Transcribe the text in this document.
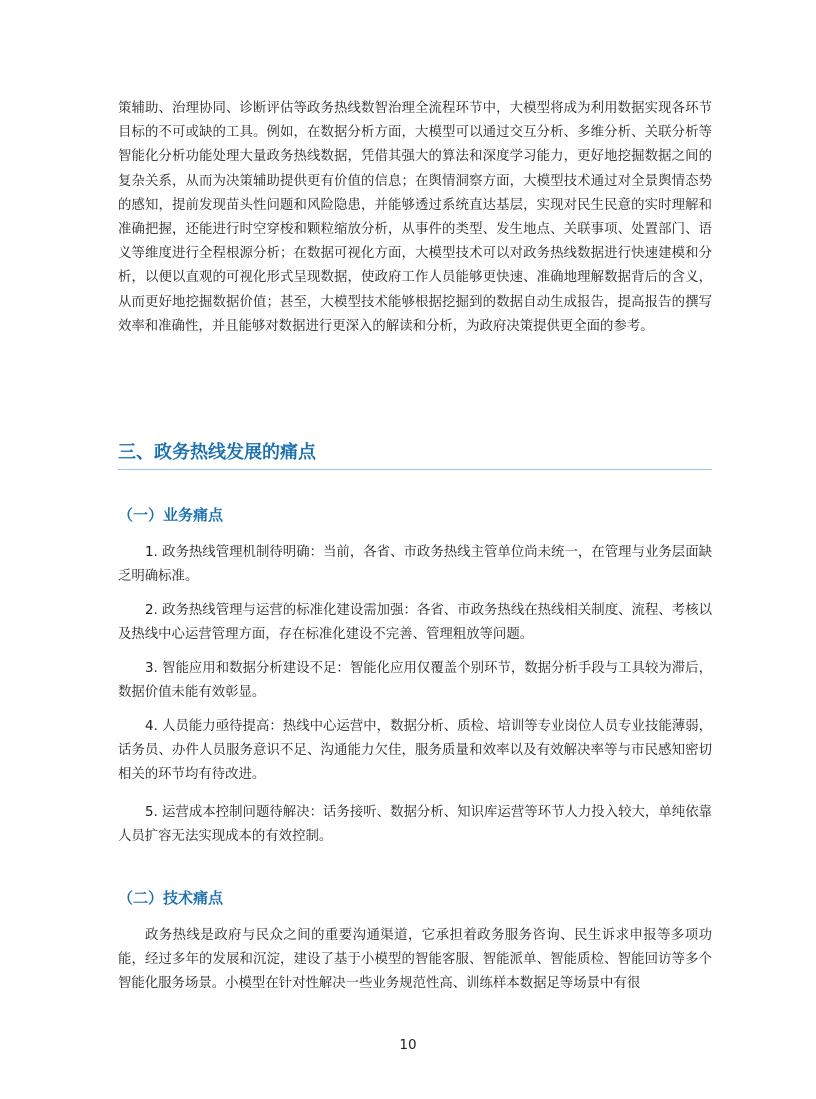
策辅助、治理协同、诊断评估等政务热线数智治理全流程环节中，大模型将成为利用数据实现各环节目标的不可或缺的工具。例如，在数据分析方面，大模型可以通过交互分析、多维分析、关联分析等智能化分析功能处理大量政务热线数据，凭借其强大的算法和深度学习能力，更好地挖掘数据之间的复杂关系，从而为决策辅助提供更有价值的信息；在舆情洞察方面，大模型技术通过对全景舆情态势的感知，提前发现苗头性问题和风险隐患，并能够透过系统直达基层，实现对民生民意的实时理解和准确把握，还能进行时空穿梭和颗粒缩放分析，从事件的类型、发生地点、关联事项、处置部门、语义等维度进行全程根源分析；在数据可视化方面，大模型技术可以对政务热线数据进行快速建模和分析，以便以直观的可视化形式呈现数据，使政府工作人员能够更快速、准确地理解数据背后的含义，从而更好地挖掘数据价值；甚至，大模型技术能够根据挖掘到的数据自动生成报告，提高报告的撰写效率和准确性，并且能够对数据进行更深入的解读和分析，为政府决策提供更全面的参考。

三、政务热线发展的痛点
（一）业务痛点

1. 政务热线管理机制待明确：当前，各省、市政务热线主管单位尚未统一，在管理与业务层面缺乏明确标准。

2. 政务热线管理与运营的标准化建设需加强：各省、市政务热线在热线相关制度、流程、考核以及热线中心运营管理方面，存在标准化建设不完善、管理粗放等问题。

3. 智能应用和数据分析建设不足：智能化应用仅覆盖个别环节，数据分析手段与工具较为滞后，数据价值未能有效彰显。

4. 人员能力亟待提高：热线中心运营中，数据分析、质检、培训等专业岗位人员专业技能薄弱，话务员、办件人员服务意识不足、沟通能力欠佳，服务质量和效率以及有效解决率等与市民感知密切相关的环节均有待改进。

5. 运营成本控制问题待解决：话务接听、数据分析、知识库运营等环节人力投入较大，单纯依靠人员扩容无法实现成本的有效控制。

（二）技术痛点

政务热线是政府与民众之间的重要沟通渠道，它承担着政务服务咨询、民生诉求申报等多项功能，经过多年的发展和沉淀，建设了基于小模型的智能客服、智能派单、智能质检、智能回访等多个智能化服务场景。小模型在针对性解决一些业务规范性高、训练样本数据足等场景中有很

10
